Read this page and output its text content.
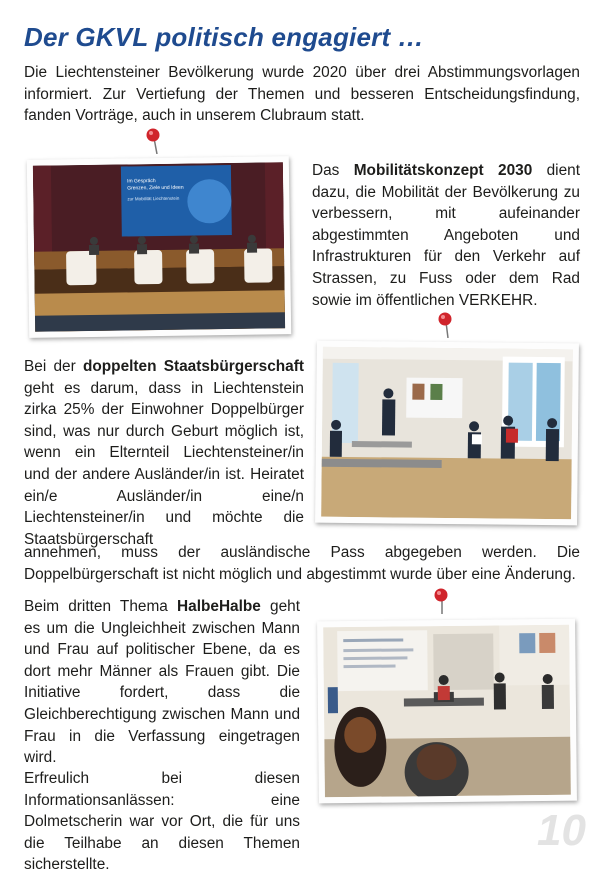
Der GKVL politisch engagiert …

Die Liechtensteiner Bevölkerung wurde 2020 über drei Abstimmungsvorlagen informiert. Zur Vertiefung der Themen und besseren Entscheidungsfindung, fanden Vorträge, auch in unserem Clubraum statt.

Im Gespräch
Grenzen, Ziele und Ideen
zur Mobilität Liechtenstein
Das Mobilitätskonzept 2030 dient dazu, die Mobilität der Bevölkerung zu verbessern, mit aufeinander abgestimmten Angeboten und Infrastrukturen für den Verkehr auf Strassen, zu Fuss oder dem Rad sowie im öffentlichen VERKEHR.
Bei der doppelten Staatsbürgerschaft geht es darum, dass in Liechtenstein zirka 25% der Einwohner Doppelbürger sind, was nur durch Geburt möglich ist, wenn ein Elternteil Liechtensteiner/in und der andere Ausländer/in ist. Heiratet ein/e Ausländer/in eine/n Liechtensteiner/in und möchte die Staatsbürgerschaft
annehmen, muss der ausländische Pass abgegeben werden. Die Doppelbürgerschaft ist nicht möglich und abgestimmt wurde über eine Änderung.
Beim dritten Thema HalbeHalbe geht es um die Ungleichheit zwischen Mann und Frau auf politischer Ebene, da es dort mehr Männer als Frauen gibt. Die Initiative fordert, dass die Gleichberechtigung zwischen Mann und Frau in die Verfassung eingetragen wird.
Erfreulich bei diesen Informationsanlässen: eine Dolmetscherin war vor Ort, die für uns die Teilhabe an diesen Themen sicherstellte.
10
